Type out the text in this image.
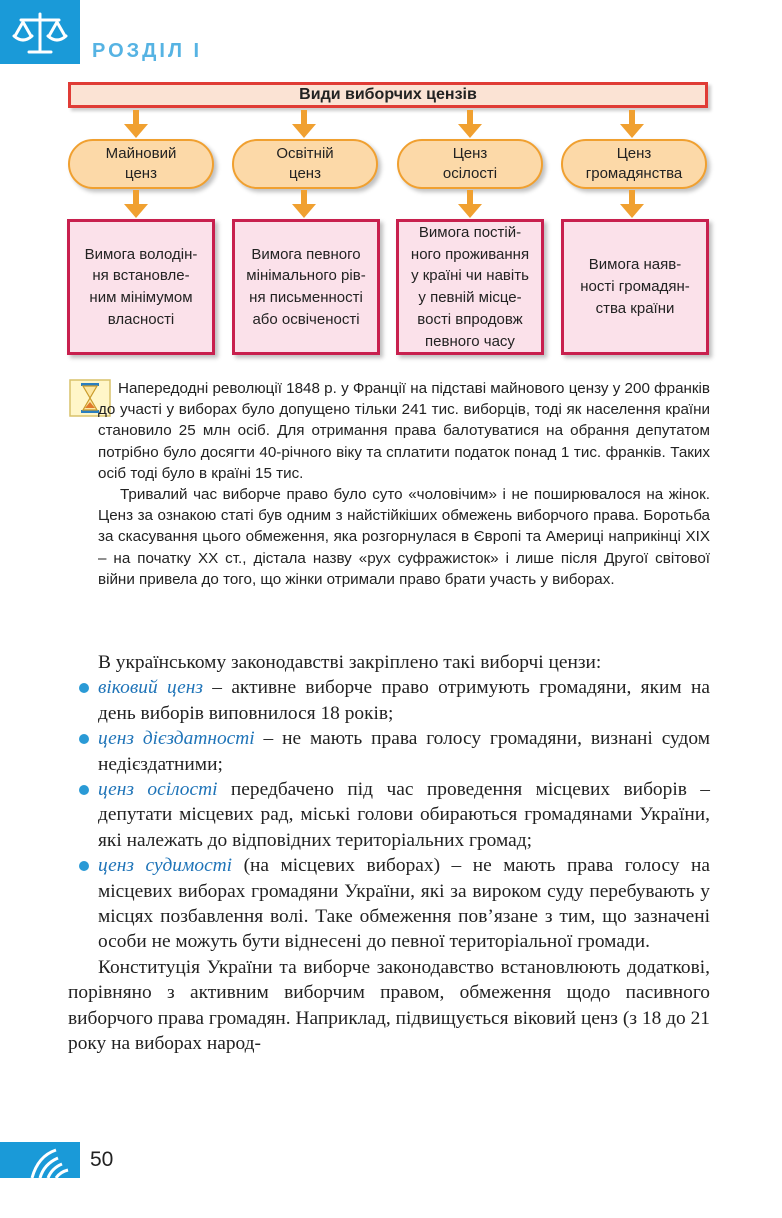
РОЗДІЛ І
Види виборчих цензів
Майновий
ценз
Освітній
ценз
Ценз
осілості
Ценз
громадянства
Вимога володін-
ня встановле-
ним мінімумом
власності
Вимога певного
мінімального рів-
ня письменності
або освіченості
Вимога постій-
ного проживання
у країні чи навіть
у певній місце-
вості впродовж
певного часу
Вимога наяв-
ності громадян-
ства країни

Напередодні революції 1848 р. у Франції на підставі майнового цензу у 200 франків до участі у виборах було допущено тільки 241 тис. виборців, тоді як населення країни становило 25 млн осіб. Для отримання права балотуватися на обрання депутатом потрібно було досягти 40-річного віку та сплатити податок понад 1 тис. франків. Таких осіб тоді було в країні 15 тис.

Тривалий час виборче право було суто «чоловічим» і не поширювалося на жінок. Ценз за ознакою статі був одним з найстійкіших обмежень виборчого права. Боротьба за скасування цього обмеження, яка розгорнулася в Європі та Америці наприкінці XIX – на початку XX ст., дістала назву «рух суфражисток» і лише після Другої світової війни привела до того, що жінки отримали право брати участь у виборах.

В українському законодавстві закріплено такі виборчі цензи:

віковий ценз – активне виборче право отримують громадяни, яким на день виборів виповнилося 18 років;
ценз дієздатності – не мають права голосу громадяни, визнані судом недієздатними;
ценз осілості передбачено під час проведення місцевих виборів – депутати місцевих рад, міські голови обираються громадянами України, які належать до відповідних територіальних громад;
ценз судимості (на місцевих виборах) – не мають права голосу на місцевих виборах громадяни України, які за вироком суду перебувають у місцях позбавлення волі. Таке обмеження пов’язане з тим, що зазначені особи не можуть бути віднесені до певної територіальної громади.

Конституція України та виборче законодавство встановлюють додаткові, порівняно з активним виборчим правом, обмеження щодо пасивного виборчого права громадян. Наприклад, підвищується віковий ценз (з 18 до 21 року на виборах народ-

50
